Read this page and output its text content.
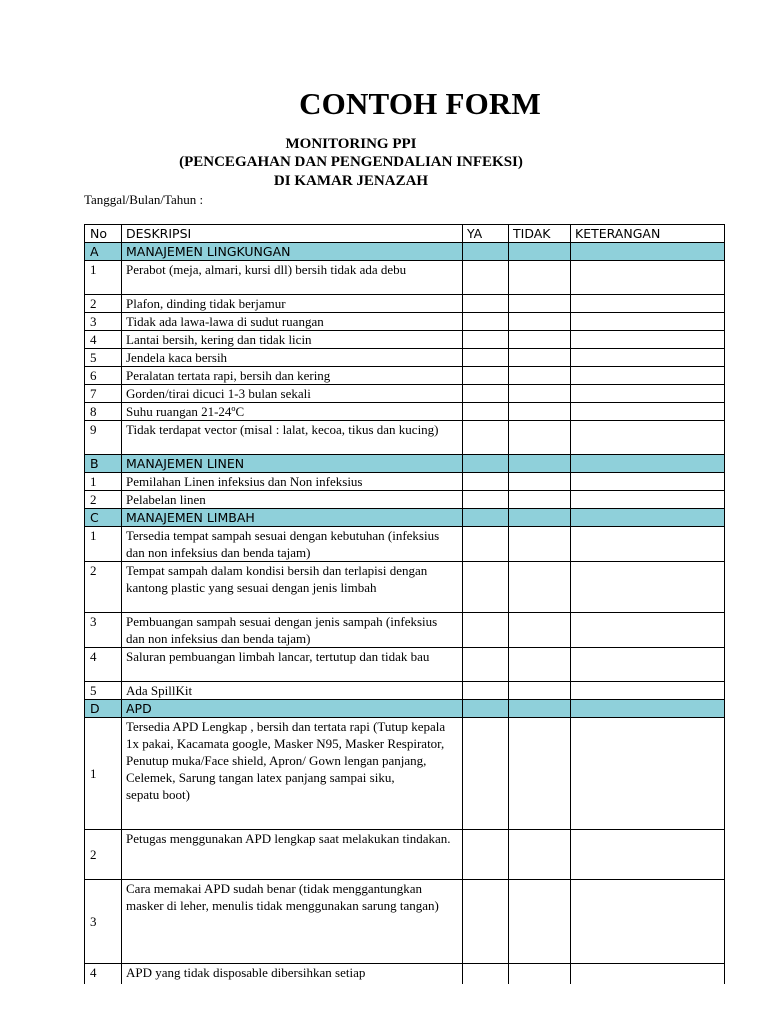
CONTOH FORM
MONITORING PPI
(PENCEGAHAN DAN PENGENDALIAN INFEKSI)
DI KAMAR JENAZAH
Tanggal/Bulan/Tahun :
No	DESKRIPSI	YA	TIDAK	KETERANGAN
A	MANAJEMEN LINGKUNGAN			
1	Perabot (meja, almari, kursi dll) bersih tidak ada debu			
2	Plafon, dinding tidak berjamur			
3	Tidak ada lawa-lawa di sudut ruangan			
4	Lantai bersih, kering dan tidak licin			
5	Jendela kaca bersih			
6	Peralatan tertata rapi, bersih dan kering			
7	Gorden/tirai dicuci 1-3 bulan sekali			
8	Suhu ruangan 21-24ºC			
9	Tidak terdapat vector (misal : lalat, kecoa, tikus dan kucing)			
B	MANAJEMEN LINEN			
1	Pemilahan Linen infeksius dan Non infeksius			
2	Pelabelan linen			
C	MANAJEMEN LIMBAH			
1	Tersedia tempat sampah sesuai dengan kebutuhan (infeksius dan non infeksius dan benda tajam)			
2	Tempat sampah dalam kondisi bersih dan terlapisi dengan kantong plastic yang sesuai dengan jenis limbah			
3	Pembuangan sampah sesuai dengan jenis sampah (infeksius dan non infeksius dan benda tajam)			
4	Saluran pembuangan limbah lancar, tertutup dan tidak bau			
5	Ada SpillKit			
D	APD			
1	Tersedia APD Lengkap , bersih dan tertata rapi (Tutup kepala 1x pakai, Kacamata google, Masker N95, Masker Respirator, Penutup muka/Face shield, Apron/ Gown lengan panjang, Celemek, Sarung tangan latex panjang sampai siku,
sepatu boot)			

2	Petugas menggunakan APD lengkap saat melakukan tindakan.			
3	Cara memakai APD sudah benar (tidak menggantungkan masker di leher, menulis tidak menggunakan sarung tangan)			
4	APD yang tidak disposable dibersihkan setiap			
